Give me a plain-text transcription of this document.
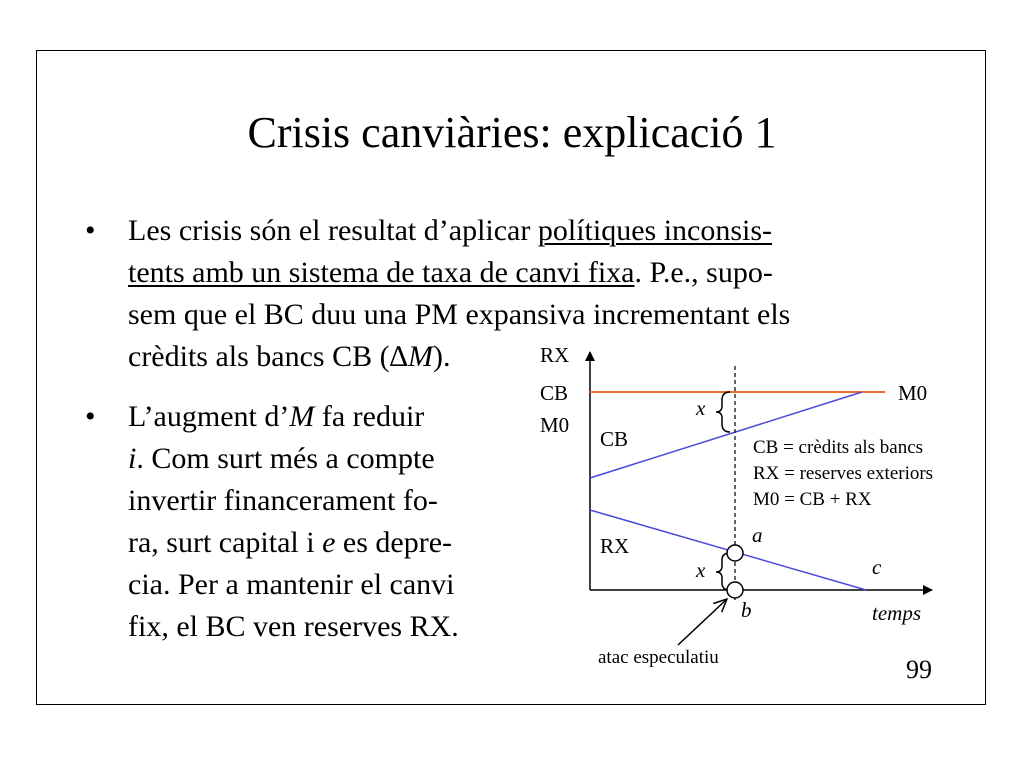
Crisis canviàries: explicació 1
• Les crisis són el resultat d’aplicar polítiques inconsis-
tents amb un sistema de taxa de canvi fixa. P.e., supo-
sem que el BC duu una PM expansiva incrementant els
crèdits als bancs CB (∆M).
• L’augment d’M fa reduir
i. Com surt més a compte
invertir financerament fo-
ra, surt capital i e es depre-
cia. Per a mantenir el canvi
fix, el BC ven reserves RX.
RX
CB
M0
M0
CB
RX
x
x
a
b
c
temps
CB = crèdits als bancs
RX = reserves exteriors
M0 = CB + RX
atac especulatiu	99
